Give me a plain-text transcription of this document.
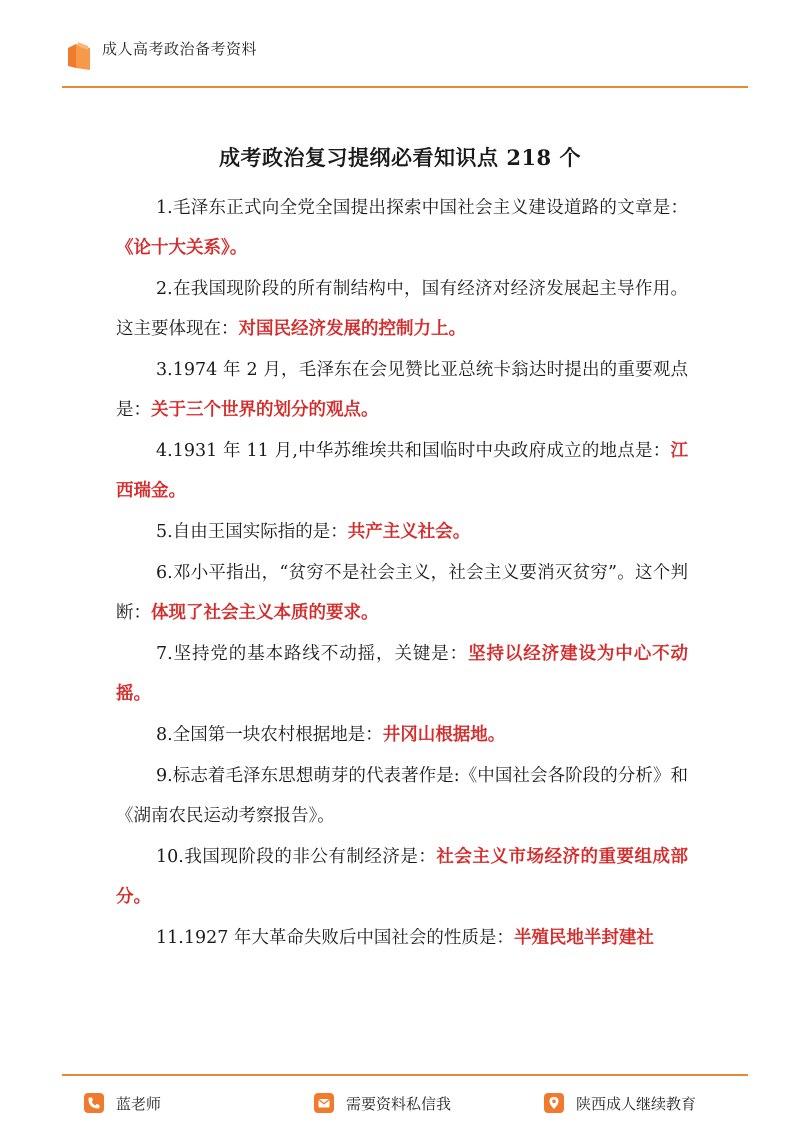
成人高考政治备考资料
成考政治复习提纲必看知识点 218 个

1.毛泽东正式向全党全国提出探索中国社会主义建设道路的文章是：《论十大关系》。

2.在我国现阶段的所有制结构中，国有经济对经济发展起主导作用。这主要体现在：对国民经济发展的控制力上。

3.1974 年 2 月，毛泽东在会见赞比亚总统卡翁达时提出的重要观点是：关于三个世界的划分的观点。

4.1931 年 11 月,中华苏维埃共和国临时中央政府成立的地点是：江西瑞金。

5.自由王国实际指的是：共产主义社会。

6.邓小平指出，“贫穷不是社会主义，社会主义要消灭贫穷”。这个判断：体现了社会主义本质的要求。

7.坚持党的基本路线不动摇，关键是：坚持以经济建设为中心不动摇。

8.全国第一块农村根据地是：井冈山根据地。

9.标志着毛泽东思想萌芽的代表著作是:《中国社会各阶段的分析》和《湖南农民运动考察报告》。

10.我国现阶段的非公有制经济是：社会主义市场经济的重要组成部分。

11.1927 年大革命失败后中国社会的性质是：半殖民地半封建社

蓝老师	需要资料私信我	陕西成人继续教育
